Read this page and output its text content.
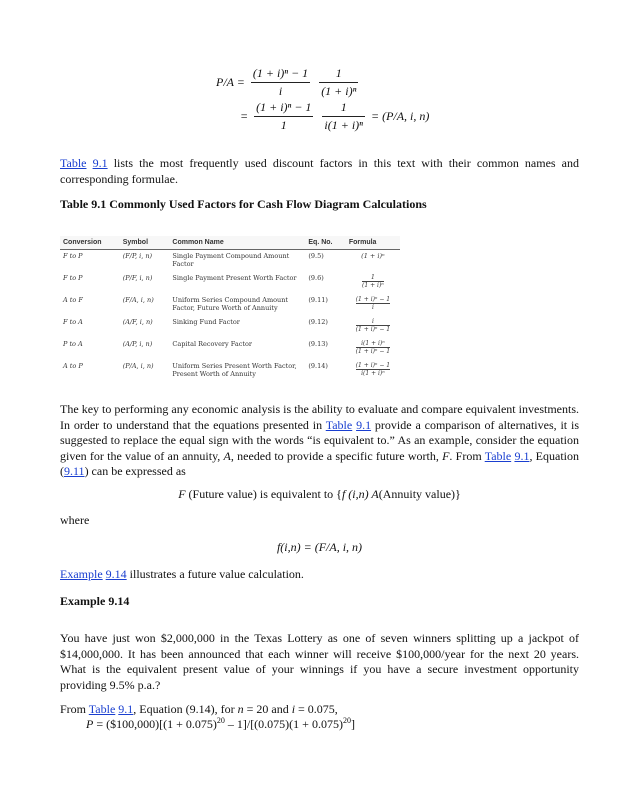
$P/A = \frac{\text{(1 + i)ⁿ − 1}}{i}$
$\frac{1}{\text{(1 + i)ⁿ}}$
= $\frac{\text{(1 + i)ⁿ − 1}}{1}$
$\frac{1}{\text{i(1 + i)ⁿ}} = (P/A$, i, n)
Table 9.1 lists the most frequently used discount factors in this text with their common names and corresponding formulae.
Table 9.1 Commonly Used Factors for Cash Flow Diagram Calculations
Conversion	Symbol	Common Name	Eq. No.	Formula
F to P	(F/P, i, n)	Single Payment Compound Amount Factor	(9.5)	(1 + i)ⁿ
F to P	(P/F, i, n)	Single Payment Present Worth Factor	(9.6)	$\frac{1}{\text{(1 + i)ⁿ}}$

A to F	(F/A, i, n)	Uniform Series Compound Amount Factor, Future Worth of Annuity	(9.11)	$\frac{\text{(1 + i)ⁿ − 1}}{i}$

F to A	(A/F, i, n)	Sinking Fund Factor	(9.12)	$\frac{i}{\text{(1 + i)ⁿ − 1}}$

P to A	(A/P, i, n)	Capital Recovery Factor	(9.13)	$\frac{\text{i(1 + i)ⁿ}}{\text{(1 + i)ⁿ − 1}}$

A to P	(P/A, i, n)	Uniform Series Present Worth Factor, Present Worth of Annuity	(9.14)	$\frac{\text{(1 + i)ⁿ − 1}}{\text{i(1 + i)ⁿ}}$
The key to performing any economic analysis is the ability to evaluate and compare equivalent investments. In order to understand that the equations presented in Table 9.1 provide a comparison of alternatives, it is suggested to replace the equal sign with the words “is equivalent to.” As an example, consider the equation given for the value of an annuity, A, needed to provide a specific future worth, F. From Table 9.1, Equation (9.11) can be expressed as
F (Future value) is equivalent to {f (i,n) A(Annuity value)}
where
f(i,n) = (F/A, i, n)
Example 9.14 illustrates a future value calculation.
Example 9.14
You have just won $2,000,000 in the Texas Lottery as one of seven winners splitting up a jackpot of $14,000,000. It has been announced that each winner will receive $100,000/year for the next 20 years. What is the equivalent present value of your winnings if you have a secure investment opportunity providing 9.5% p.a.?
From Table 9.1, Equation (9.14), for n = 20 and i = 0.075,
P = ($100,000)[(1 + $0.075)^{20} - 1]/[(0.075)(1 + 0.075)^{20}]$
